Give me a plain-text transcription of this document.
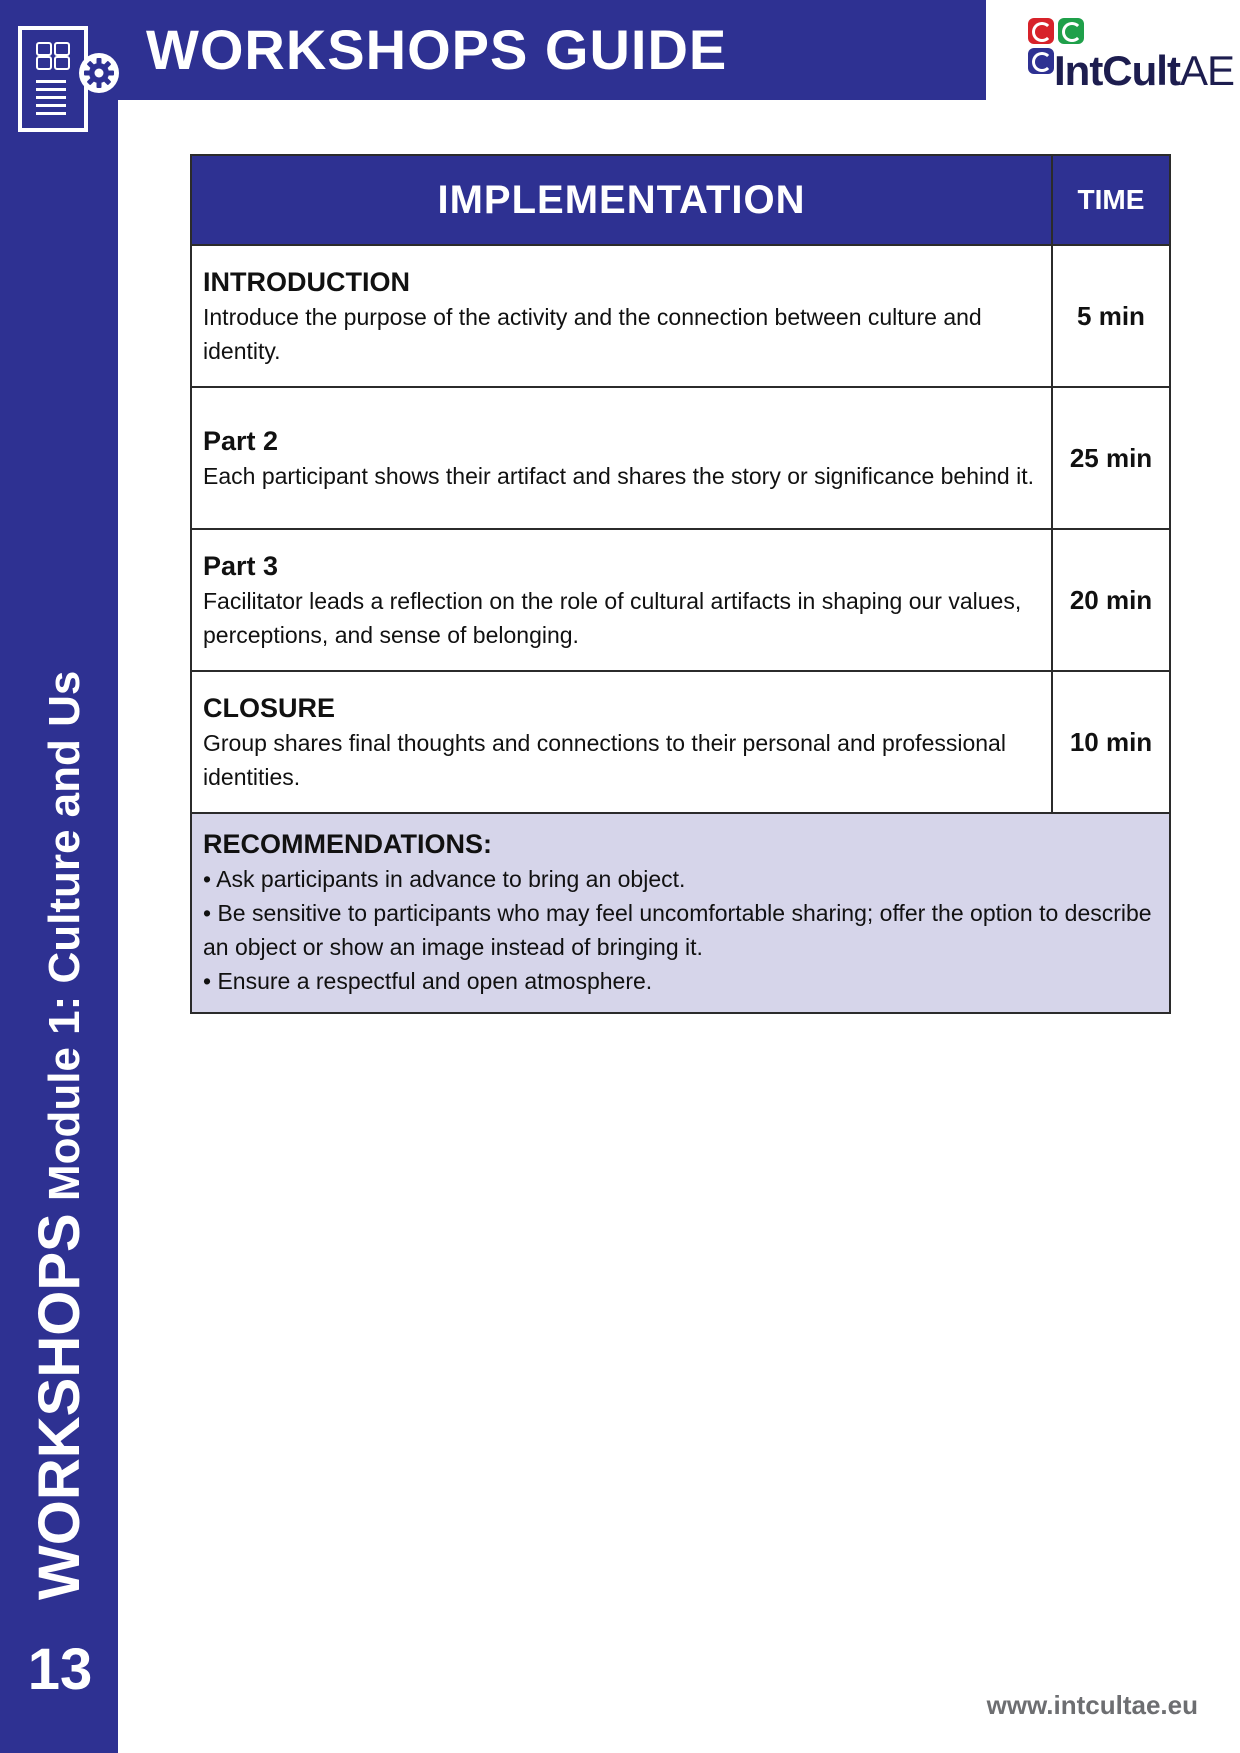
WORKSHOPS GUIDE	IntCultAE
WORKSHOPS Module 1: Culture and Us
13
IMPLEMENTATION	TIME

INTRODUCTION
Introduce the purpose of the activity and the connection between culture and identity.	5 min

Part 2
Each participant shows their artifact and shares the story or significance behind it.	25 min

Part 3
Facilitator leads a reflection on the role of cultural artifacts in shaping our values, perceptions, and sense of belonging.	20 min

CLOSURE
Group shares final thoughts and connections to their personal and professional identities.	10 min

RECOMMENDATIONS:
• Ask participants in advance to bring an object.
• Be sensitive to participants who may feel uncomfortable sharing; offer the option to describe an object or show an image instead of bringing it.
• Ensure a respectful and open atmosphere.	
www.intcultae.eu
